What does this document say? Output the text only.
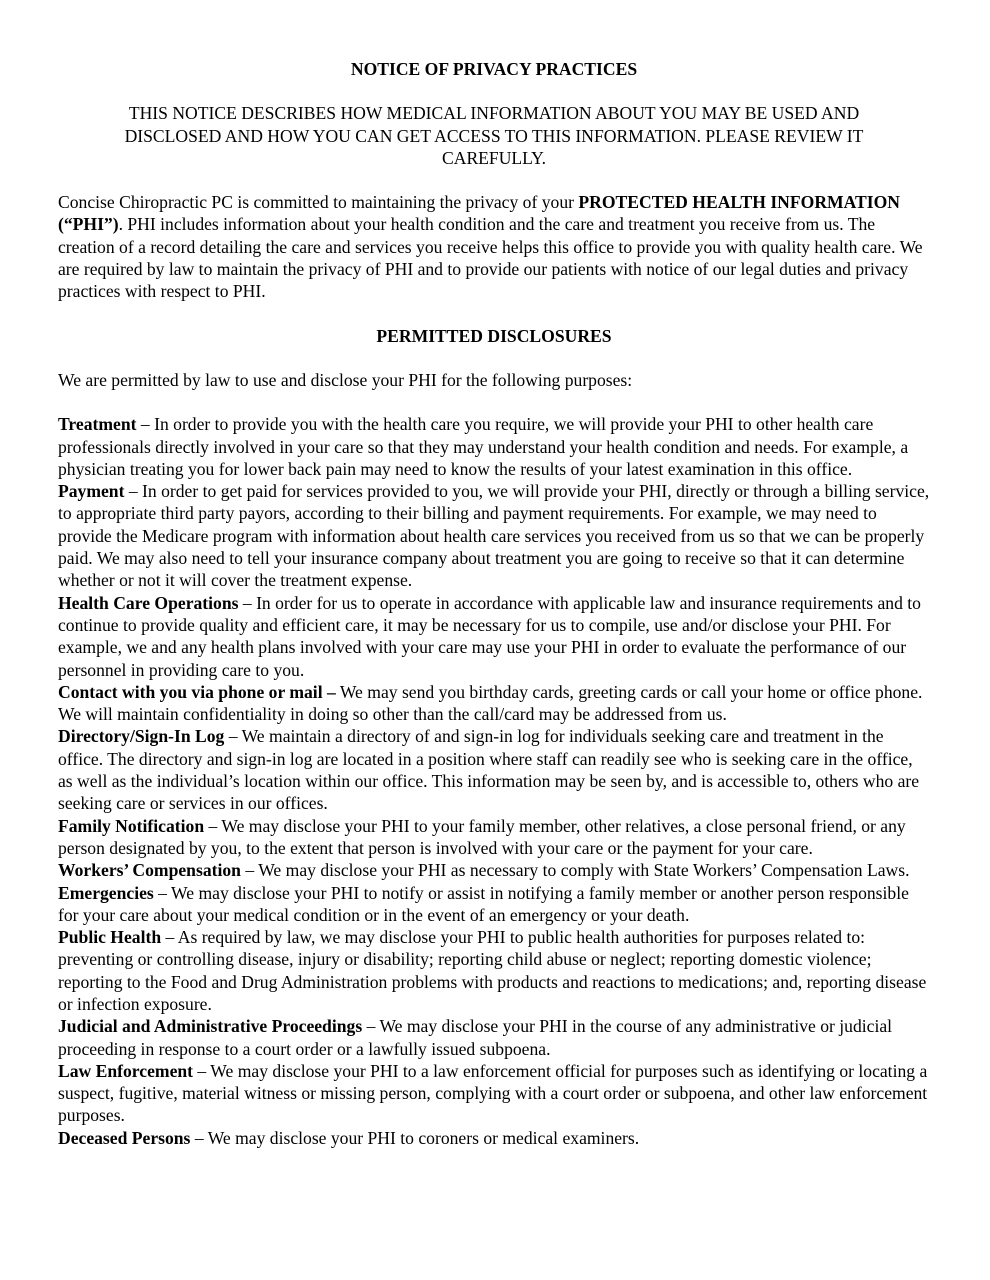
NOTICE OF PRIVACY PRACTICES

THIS NOTICE DESCRIBES HOW MEDICAL INFORMATION ABOUT YOU MAY BE USED AND DISCLOSED AND HOW YOU CAN GET ACCESS TO THIS INFORMATION. PLEASE REVIEW IT CAREFULLY.

Concise Chiropractic PC is committed to maintaining the privacy of your PROTECTED HEALTH INFORMATION (“PHI”). PHI includes information about your health condition and the care and treatment you receive from us. The creation of a record detailing the care and services you receive helps this office to provide you with quality health care. We are required by law to maintain the privacy of PHI and to provide our patients with notice of our legal duties and privacy practices with respect to PHI.

PERMITTED DISCLOSURES

We are permitted by law to use and disclose your PHI for the following purposes:

Treatment – In order to provide you with the health care you require, we will provide your PHI to other health care professionals directly involved in your care so that they may understand your health condition and needs. For example, a physician treating you for lower back pain may need to know the results of your latest examination in this office.

Payment – In order to get paid for services provided to you, we will provide your PHI, directly or through a billing service, to appropriate third party payors, according to their billing and payment requirements. For example, we may need to provide the Medicare program with information about health care services you received from us so that we can be properly paid. We may also need to tell your insurance company about treatment you are going to receive so that it can determine whether or not it will cover the treatment expense.

Health Care Operations – In order for us to operate in accordance with applicable law and insurance requirements and to continue to provide quality and efficient care, it may be necessary for us to compile, use and/or disclose your PHI. For example, we and any health plans involved with your care may use your PHI in order to evaluate the performance of our personnel in providing care to you.

Contact with you via phone or mail – We may send you birthday cards, greeting cards or call your home or office phone. We will maintain confidentiality in doing so other than the call/card may be addressed from us.

Directory/Sign-In Log – We maintain a directory of and sign-in log for individuals seeking care and treatment in the office. The directory and sign-in log are located in a position where staff can readily see who is seeking care in the office, as well as the individual’s location within our office. This information may be seen by, and is accessible to, others who are seeking care or services in our offices.

Family Notification – We may disclose your PHI to your family member, other relatives, a close personal friend, or any person designated by you, to the extent that person is involved with your care or the payment for your care.

Workers’ Compensation – We may disclose your PHI as necessary to comply with State Workers’ Compensation Laws.

Emergencies – We may disclose your PHI to notify or assist in notifying a family member or another person responsible for your care about your medical condition or in the event of an emergency or your death.

Public Health – As required by law, we may disclose your PHI to public health authorities for purposes related to: preventing or controlling disease, injury or disability; reporting child abuse or neglect; reporting domestic violence; reporting to the Food and Drug Administration problems with products and reactions to medications; and, reporting disease or infection exposure.

Judicial and Administrative Proceedings – We may disclose your PHI in the course of any administrative or judicial proceeding in response to a court order or a lawfully issued subpoena.

Law Enforcement – We may disclose your PHI to a law enforcement official for purposes such as identifying or locating a suspect, fugitive, material witness or missing person, complying with a court order or subpoena, and other law enforcement purposes.

Deceased Persons – We may disclose your PHI to coroners or medical examiners.
